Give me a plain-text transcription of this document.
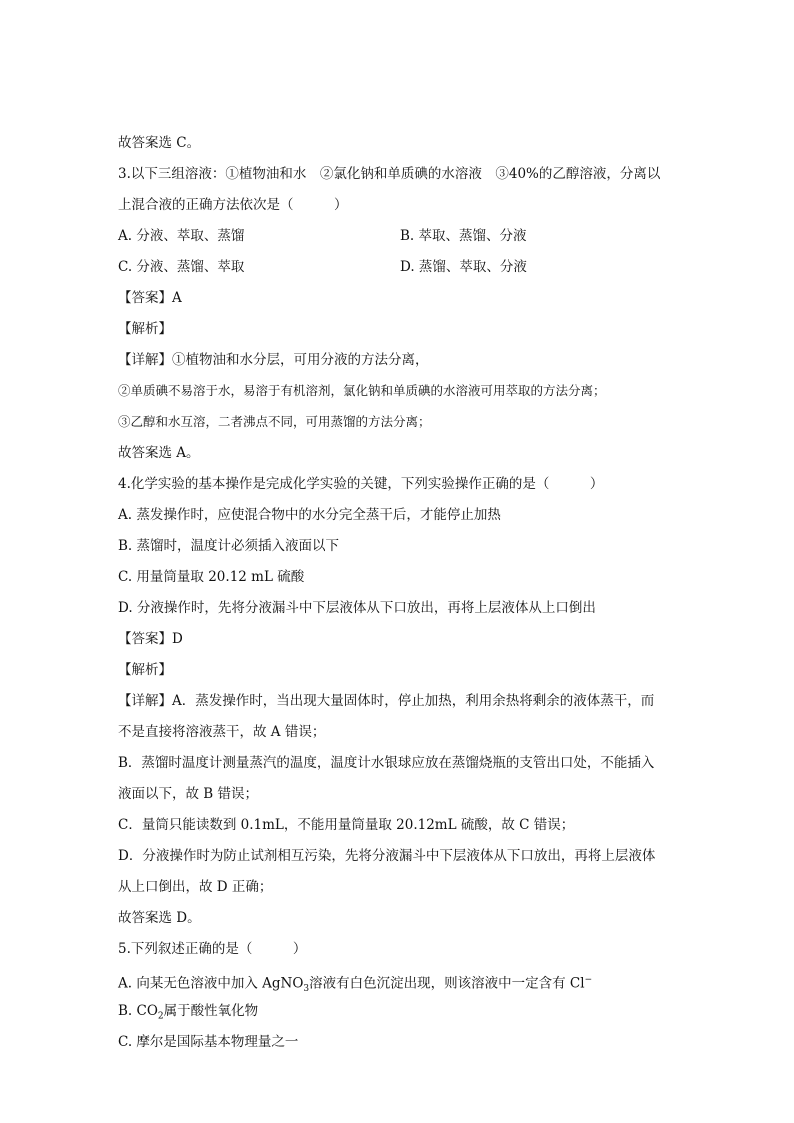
故答案选 C。
3.以下三组溶液：①植物油和水　②氯化钠和单质碘的水溶液　③40%的乙醇溶液，分离以
上混合液的正确方法依次是（　　　）
A. 分液、萃取、蒸馏	B. 萃取、蒸馏、分液
C. 分液、蒸馏、萃取	D. 蒸馏、萃取、分液
【答案】A
【解析】
【详解】①植物油和水分层，可用分液的方法分离，
②单质碘不易溶于水，易溶于有机溶剂，氯化钠和单质碘的水溶液可用萃取的方法分离；
③乙醇和水互溶，二者沸点不同，可用蒸馏的方法分离；
故答案选 A。
4.化学实验的基本操作是完成化学实验的关键，下列实验操作正确的是（　　　）
A. 蒸发操作时，应使混合物中的水分完全蒸干后，才能停止加热
B. 蒸馏时，温度计必须插入液面以下
C. 用量筒量取 20.12 mL 硫酸
D. 分液操作时，先将分液漏斗中下层液体从下口放出，再将上层液体从上口倒出
【答案】D
【解析】
【详解】A．蒸发操作时，当出现大量固体时，停止加热，利用余热将剩余的液体蒸干，而
不是直接将溶液蒸干，故 A 错误；
B．蒸馏时温度计测量蒸汽的温度，温度计水银球应放在蒸馏烧瓶的支管出口处，不能插入
液面以下，故 B 错误；
C．量筒只能读数到 0.1mL，不能用量筒量取 20.12mL 硫酸，故 C 错误；
D．分液操作时为防止试剂相互污染，先将分液漏斗中下层液体从下口放出，再将上层液体
从上口倒出，故 D 正确；
故答案选 D。
5.下列叙述正确的是（　　　）
A. 向某无色溶液中加入 AgNO$_3$溶液有白色沉淀出现，则该溶液中一定含有 Cl−
B. $CO_2$属于酸性氧化物
C. 摩尔是国际基本物理量之一
